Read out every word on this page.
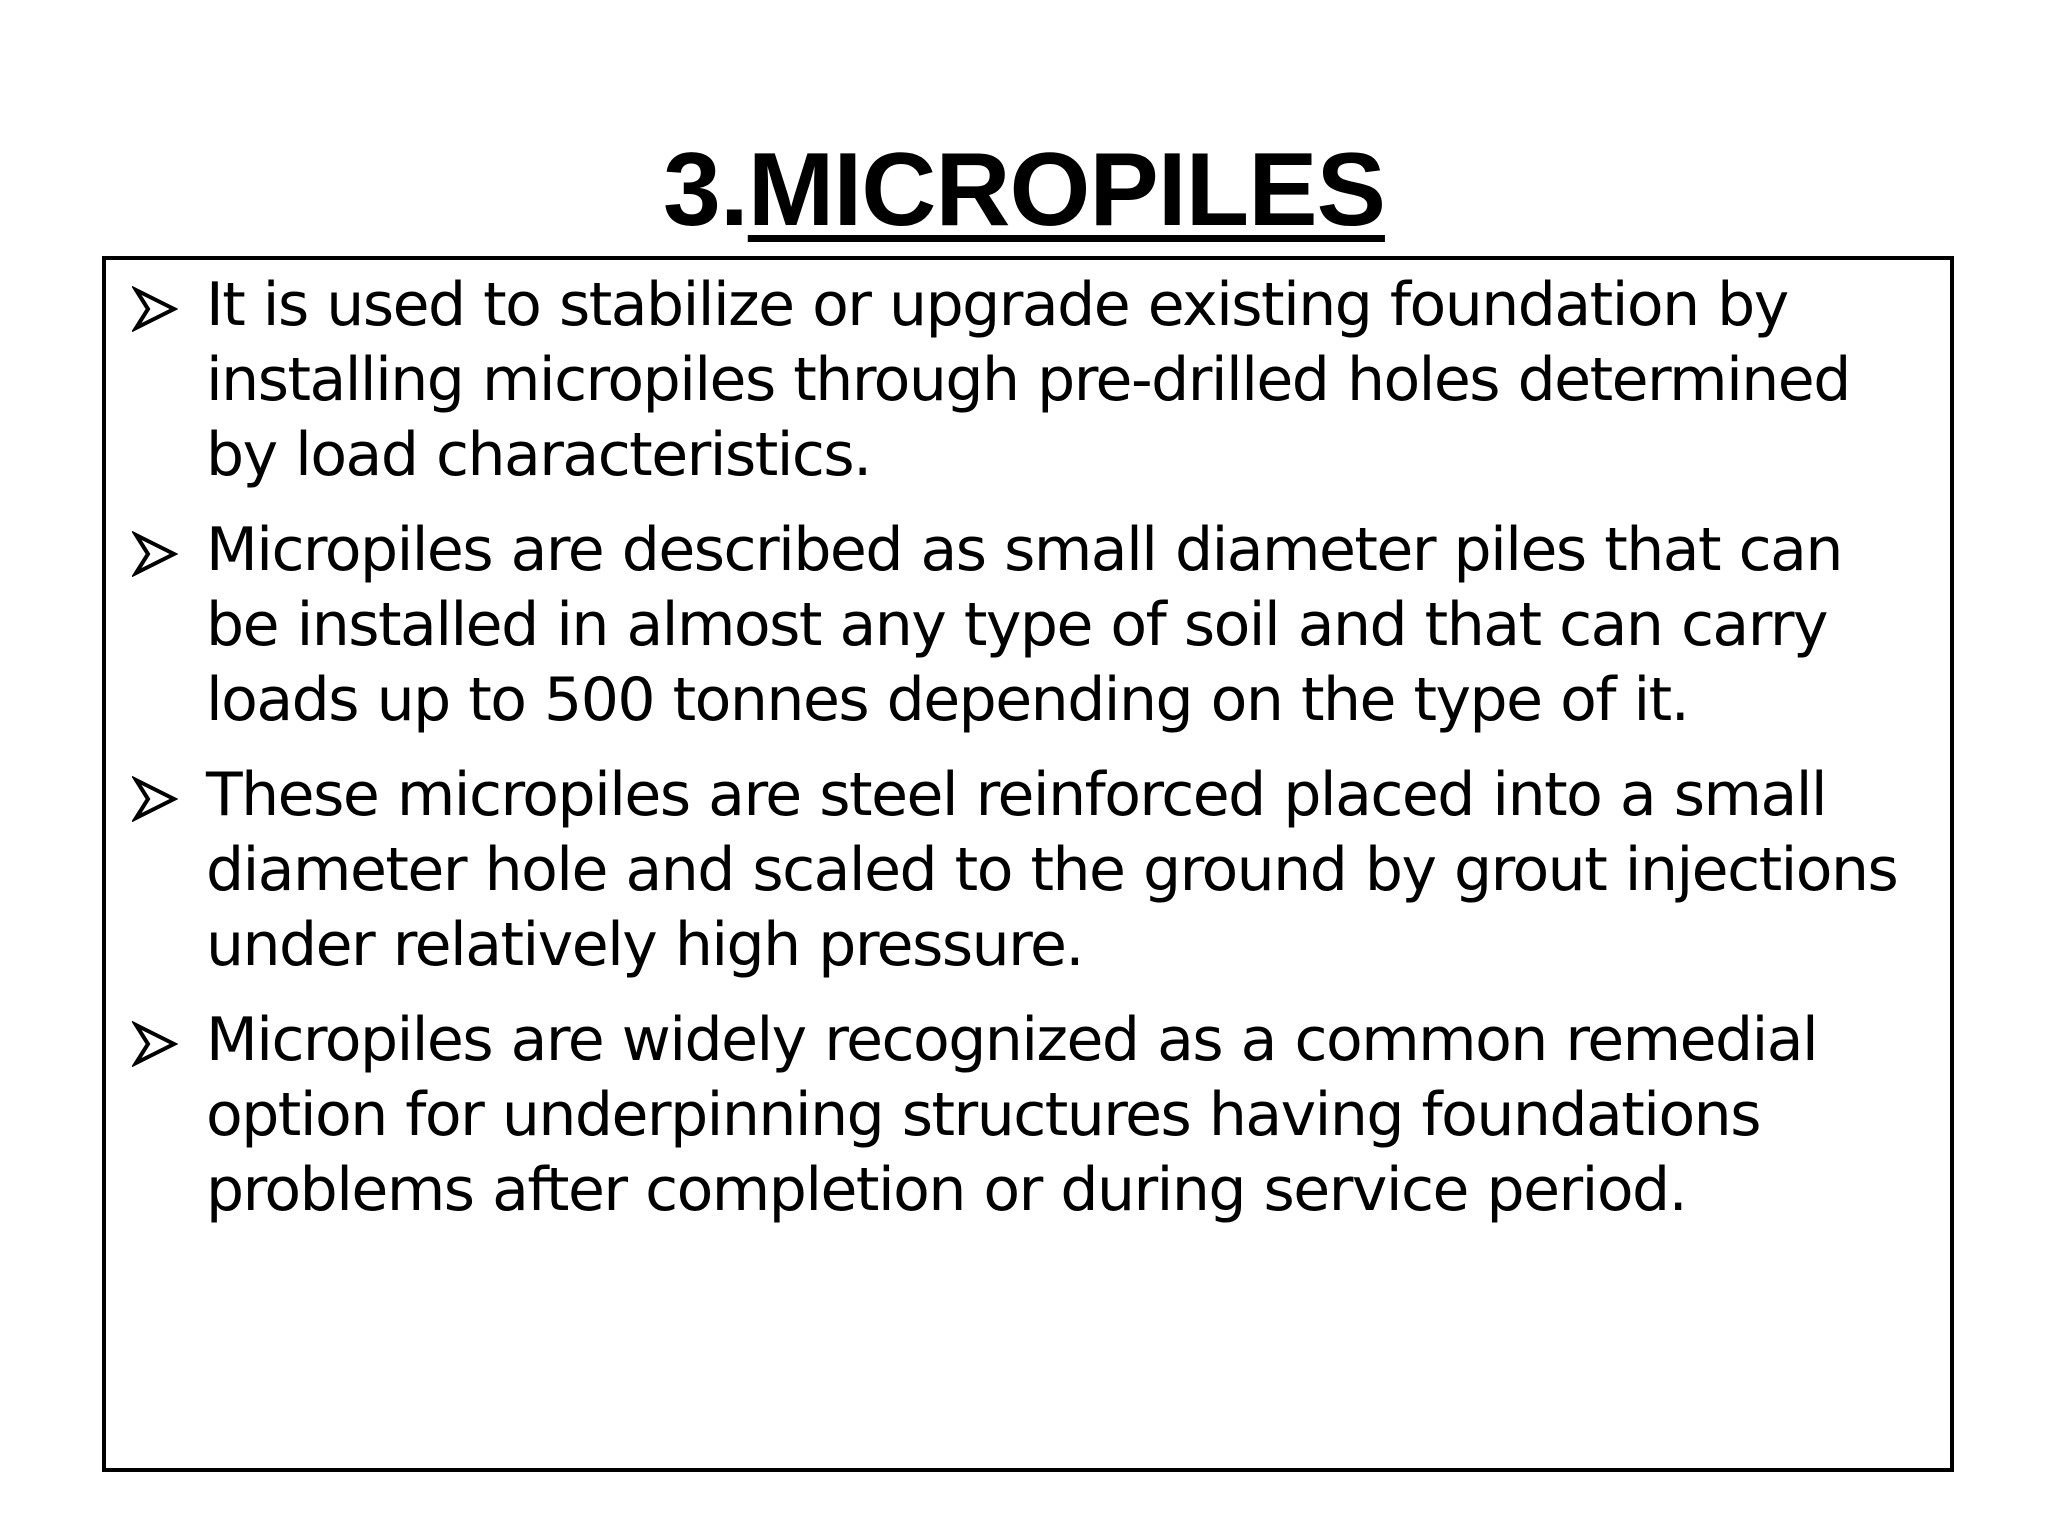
3.MICROPILES
It is used to stabilize or upgrade existing foundation by installing micropiles through pre-drilled holes determined by load characteristics.
Micropiles are described as small diameter piles that can be installed in almost any type of soil and that can carry loads up to 500 tonnes depending on the type of it.
These micropiles are steel reinforced placed into a small diameter hole and scaled to the ground by grout injections under relatively high pressure.
Micropiles are widely recognized as a common remedial option for underpinning structures having foundations problems after completion or during service period.
